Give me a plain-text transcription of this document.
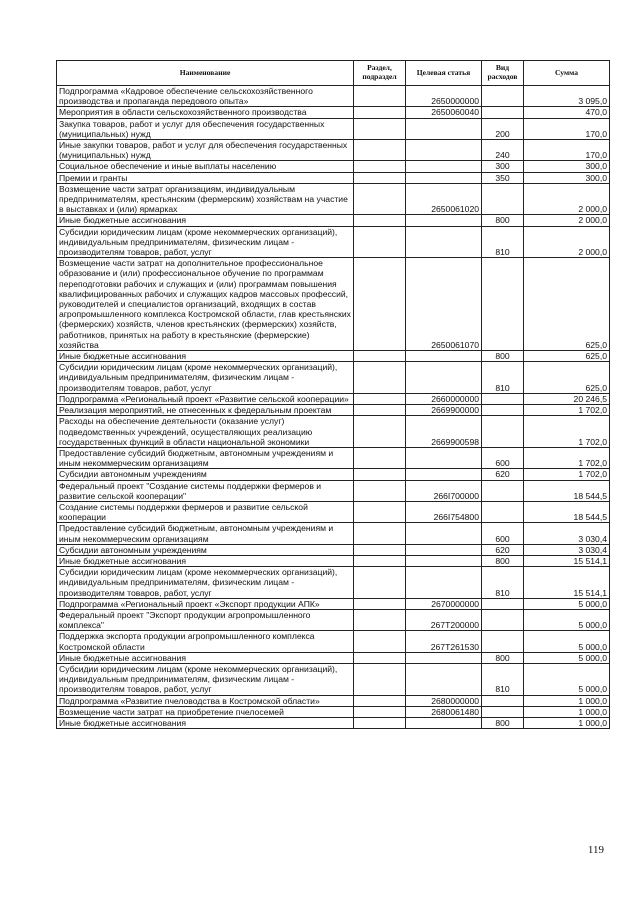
Наименование	Раздел, подраздел	Целевая статья	Вид расходов	Сумма
Подпрограмма «Кадровое обеспечение сельскохозяйственного производства и пропаганда передового опыта»		2650000000		3 095,0
Мероприятия в области сельскохозяйственного производства		2650060040		470,0
Закупка товаров, работ и услуг для обеспечения государственных (муниципальных) нужд			200	170,0
Иные закупки товаров, работ и услуг для обеспечения государственных (муниципальных) нужд			240	170,0
Социальное обеспечение и иные выплаты населению			300	300,0
Премии и гранты			350	300,0
Возмещение части затрат организациям, индивидуальным предпринимателям, крестьянским (фермерским) хозяйствам на участие в выставках и (или) ярмарках		2650061020		2 000,0
Иные бюджетные ассигнования			800	2 000,0
Субсидии юридическим лицам (кроме некоммерческих организаций), индивидуальным предпринимателям, физическим лицам - производителям товаров, работ, услуг			810	2 000,0
Возмещение части затрат на дополнительное профессиональное образование и (или) профессиональное обучение по программам переподготовки рабочих и служащих и (или) программам повышения квалифицированных рабочих и служащих кадров массовых профессий, руководителей и специалистов организаций, входящих в состав агропромышленного комплекса Костромской области, глав крестьянских (фермерских) хозяйств, членов крестьянских (фермерских) хозяйств, работников, принятых на работу в крестьянские (фермерские) хозяйства		2650061070		625,0
Иные бюджетные ассигнования			800	625,0
Субсидии юридическим лицам (кроме некоммерческих организаций), индивидуальным предпринимателям, физическим лицам - производителям товаров, работ, услуг			810	625,0
Подпрограмма «Региональный проект «Развитие сельской кооперации»		2660000000		20 246,5
Реализация мероприятий, не отнесенных к федеральным проектам		2669900000		1 702,0
Расходы на обеспечение деятельности (оказание услуг) подведомственных учреждений, осуществляющих реализацию государственных функций в области национальной экономики		2669900598		1 702,0
Предоставление субсидий бюджетным, автономным учреждениям и иным некоммерческим организациям			600	1 702,0
Субсидии автономным учреждениям			620	1 702,0
Федеральный проект "Создание системы поддержки фермеров и развитие сельской кооперации"		266I700000		18 544,5
Создание системы поддержки фермеров и развитие сельской кооперации		266I754800		18 544,5
Предоставление субсидий бюджетным, автономным учреждениям и иным некоммерческим организациям			600	3 030,4
Субсидии автономным учреждениям			620	3 030,4
Иные бюджетные ассигнования			800	15 514,1
Субсидии юридическим лицам (кроме некоммерческих организаций), индивидуальным предпринимателям, физическим лицам - производителям товаров, работ, услуг			810	15 514,1
Подпрограмма «Региональный проект «Экспорт продукции АПК»		2670000000		5 000,0
Федеральный проект "Экспорт продукции агропромышленного комплекса"		267T200000		5 000,0
Поддержка экспорта продукции агропромышленного комплекса Костромской области		267T261530		5 000,0
Иные бюджетные ассигнования			800	5 000,0
Субсидии юридическим лицам (кроме некоммерческих организаций), индивидуальным предпринимателям, физическим лицам - производителям товаров, работ, услуг			810	5 000,0
Подпрограмма «Развитие пчеловодства в Костромской области»		2680000000		1 000,0
Возмещение части затрат на приобретение пчелосемей		2680061480		1 000,0
Иные бюджетные ассигнования			800	1 000,0
119
